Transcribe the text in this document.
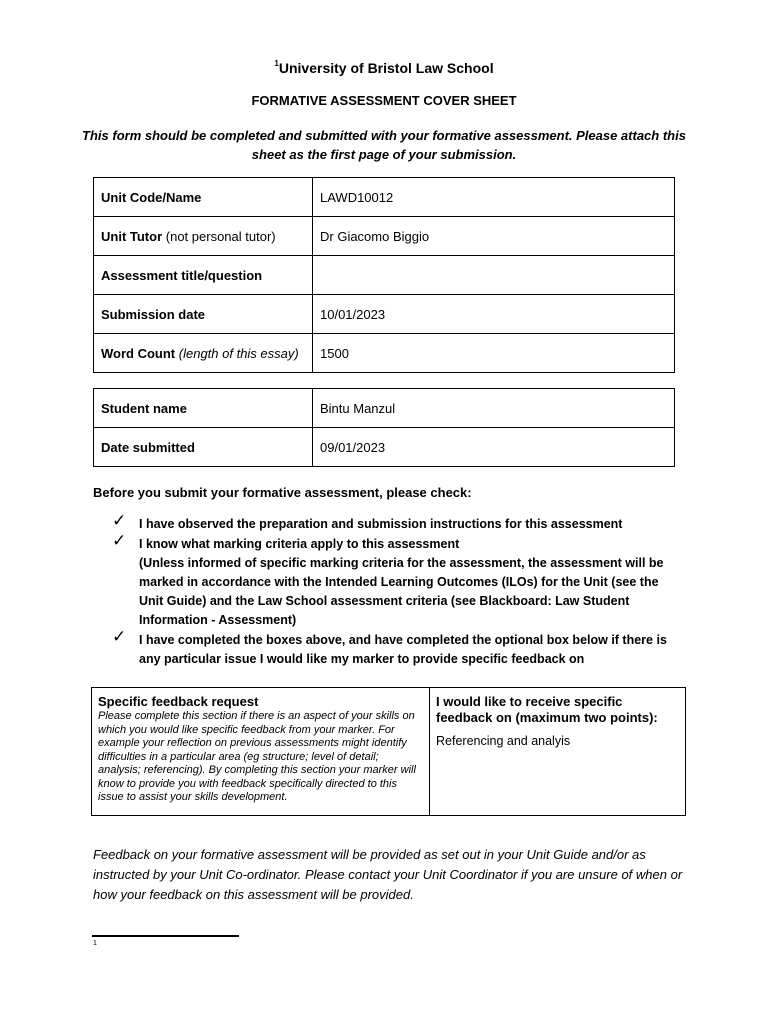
$^1$University of Bristol Law School
FORMATIVE ASSESSMENT COVER SHEET
This form should be completed and submitted with your formative assessment. Please attach this
sheet as the first page of your submission.
Unit Code/Name	LAWD10012
Unit Tutor (not personal tutor)	Dr Giacomo Biggio
Assessment title/question	
Submission date	10/01/2023
Word Count (length of this essay)	1500
Student name	Bintu Manzul
Date submitted	09/01/2023
Before you submit your formative assessment, please check:
✓ I have observed the preparation and submission instructions for this assessment
✓ I know what marking criteria apply to this assessment
(Unless informed of specific marking criteria for the assessment, the assessment will be marked in accordance with the Intended Learning Outcomes (ILOs) for the Unit (see the Unit Guide) and the Law School assessment criteria (see Blackboard: Law Student Information - Assessment)
✓ I have completed the boxes above, and have completed the optional box below if there is any particular issue I would like my marker to provide specific feedback on
Specific feedback request
Please complete this section if there is an aspect of your skills on which you would like specific feedback from your marker. For example your reflection on previous assessments might identify difficulties in a particular area (eg structure; level of detail; analysis; referencing). By completing this section your marker will know to provide you with feedback specifically directed to this issue to assist your skills development.

I would like to receive specific feedback on (maximum two points):
Referencing and analyis
Feedback on your formative assessment will be provided as set out in your Unit Guide and/or as instructed by your Unit Co-ordinator. Please contact your Unit Coordinator if you are unsure of when or how your feedback on this assessment will be provided.
1
